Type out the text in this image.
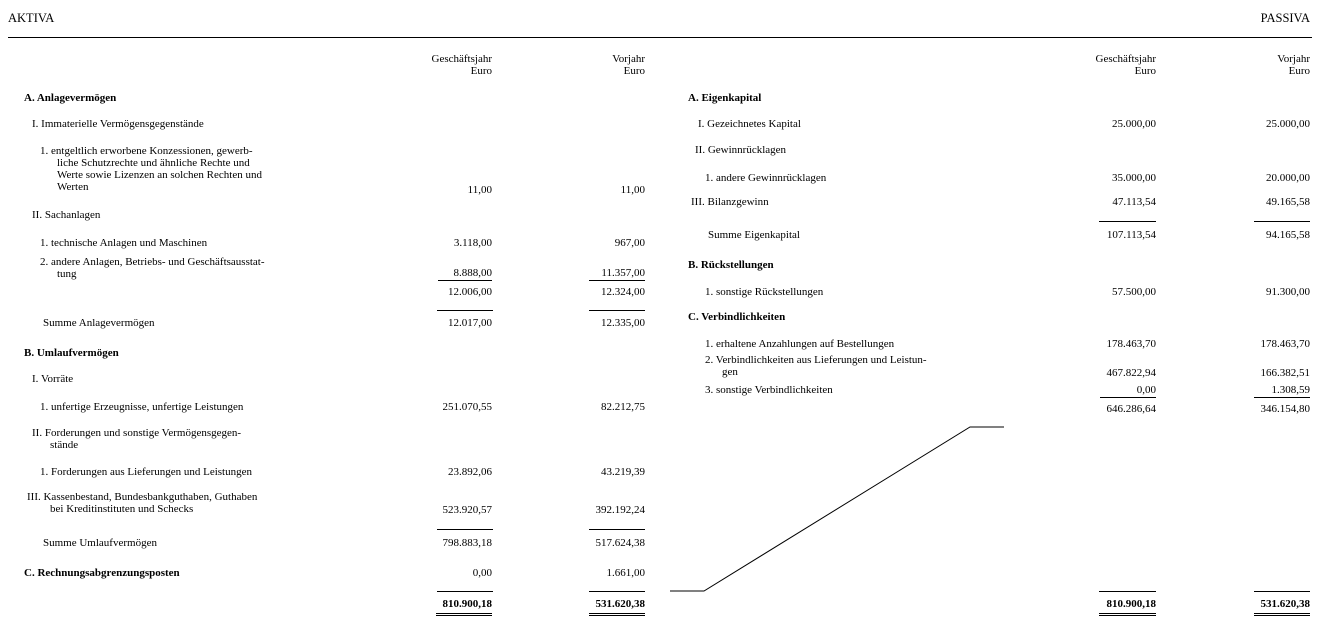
AKTIVA	PASSIVA
Geschäftsjahr
Euro
Vorjahr
Euro
Geschäftsjahr
Euro
Vorjahr
Euro
A. Anlagevermögen
I. Immaterielle Vermögensgegenstände
1. entgeltlich erworbene Konzessionen, gewerb-
liche Schutzrechte und ähnliche Rechte und
Werte sowie Lizenzen an solchen Rechten und
Werten	11,00	11,00
II. Sachanlagen
1. technische Anlagen und Maschinen	3.118,00	967,00
2. andere Anlagen, Betriebs- und Geschäftsausstat-
tung	8.888,00	11.357,00
12.006,00	12.324,00
Summe Anlagevermögen	12.017,00	12.335,00
B. Umlaufvermögen
I. Vorräte
1. unfertige Erzeugnisse, unfertige Leistungen	251.070,55	82.212,75
II. Forderungen und sonstige Vermögensgegen-
stände
1. Forderungen aus Lieferungen und Leistungen	23.892,06	43.219,39
III. Kassenbestand, Bundesbankguthaben, Guthaben
bei Kreditinstituten und Schecks	523.920,57	392.192,24
Summe Umlaufvermögen	798.883,18	517.624,38
C. Rechnungsabgrenzungsposten	0,00	1.661,00
810.900,18	531.620,38
A. Eigenkapital
I. Gezeichnetes Kapital	25.000,00	25.000,00
II. Gewinnrücklagen
1. andere Gewinnrücklagen	35.000,00	20.000,00
III. Bilanzgewinn	47.113,54	49.165,58
Summe Eigenkapital	107.113,54	94.165,58
B. Rückstellungen
1. sonstige Rückstellungen	57.500,00	91.300,00
C. Verbindlichkeiten
1. erhaltene Anzahlungen auf Bestellungen	178.463,70	178.463,70
2. Verbindlichkeiten aus Lieferungen und Leistun-
gen	467.822,94	166.382,51
3. sonstige Verbindlichkeiten	0,00	1.308,59
646.286,64	346.154,80
810.900,18	531.620,38
